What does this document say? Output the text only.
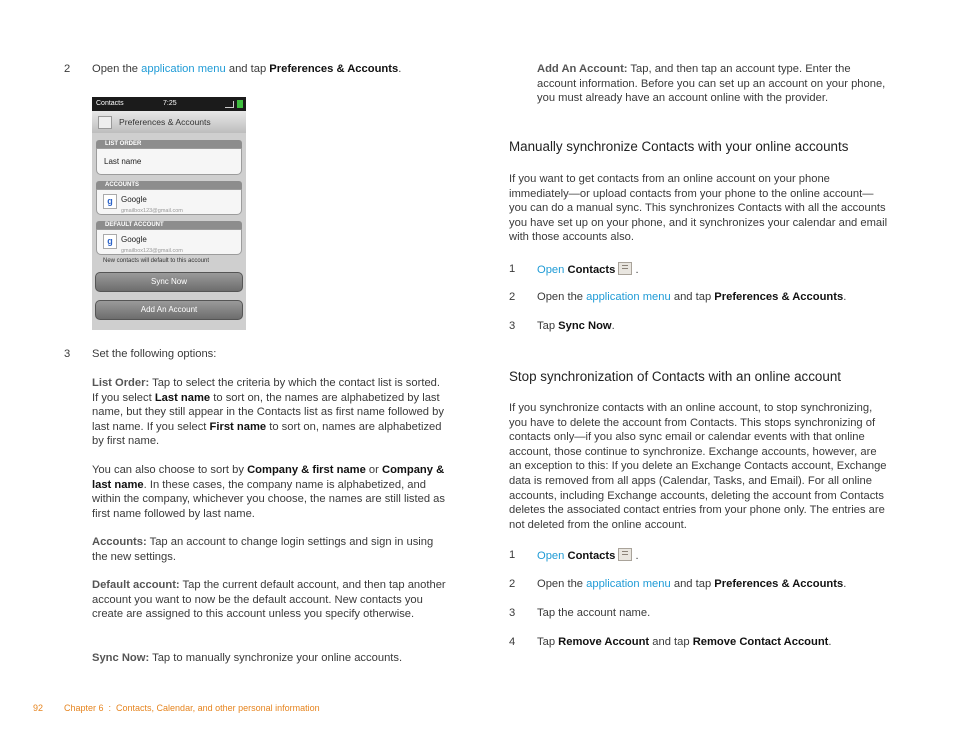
2	Open the application menu and tap Preferences & Accounts.
Contacts	7:25
Preferences & Accounts
LIST ORDER
Last name
ACCOUNTS
g	Google
gmailbox123@gmail.com
DEFAULT ACCOUNT
g	Google
gmailbox123@gmail.com
New contacts will default to this account
Sync Now
Add An Account
3	Set the following options:

List Order: Tap to select the criteria by which the contact list is sorted. If you select Last name to sort on, the names are alphabetized by last name, but they still appear in the Contacts list as first name followed by last name. If you select First name to sort on, names are alphabetized by first name.

You can also choose to sort by Company & first name or Company & last name. In these cases, the company name is alphabetized, and within the company, whichever you choose, the names are still listed as first name followed by last name.

Accounts: Tap an account to change login settings and sign in using the new settings.

Default account: Tap the current default account, and then tap another account you want to now be the default account. New contacts you create are assigned to this account unless you specify otherwise.

Sync Now: Tap to manually synchronize your online accounts.

Add An Account: Tap, and then tap an account type. Enter the account information. Before you can set up an account on your phone, you must already have an account online with the provider.

Manually synchronize Contacts with your online accounts

If you want to get contacts from an online account on your phone immediately—or upload contacts from your phone to the online account—you can do a manual sync. This synchronizes Contacts with all the accounts you have set up on your phone, and it synchronizes your calendar and email with those accounts also.

1	Open Contacts .
2	Open the application menu and tap Preferences & Accounts.
3	Tap Sync Now.
Stop synchronization of Contacts with an online account

If you synchronize contacts with an online account, to stop synchronizing, you have to delete the account from Contacts. This stops synchronizing of contacts only—if you also sync email or calendar events with that online account, those continue to synchronize. Exchange accounts, however, are an exception to this: If you delete an Exchange Contacts account, Exchange data is removed from all apps (Calendar, Tasks, and Email). For all online accounts, including Exchange accounts, deleting the account from Contacts deletes the associated contact entries from your phone only. The entries are not deleted from the online account.

1	Open Contacts .
2	Open the application menu and tap Preferences & Accounts.
3	Tap the account name.
4	Tap Remove Account and tap Remove Contact Account.
92 Chapter 6  :  Contacts, Calendar, and other personal information
